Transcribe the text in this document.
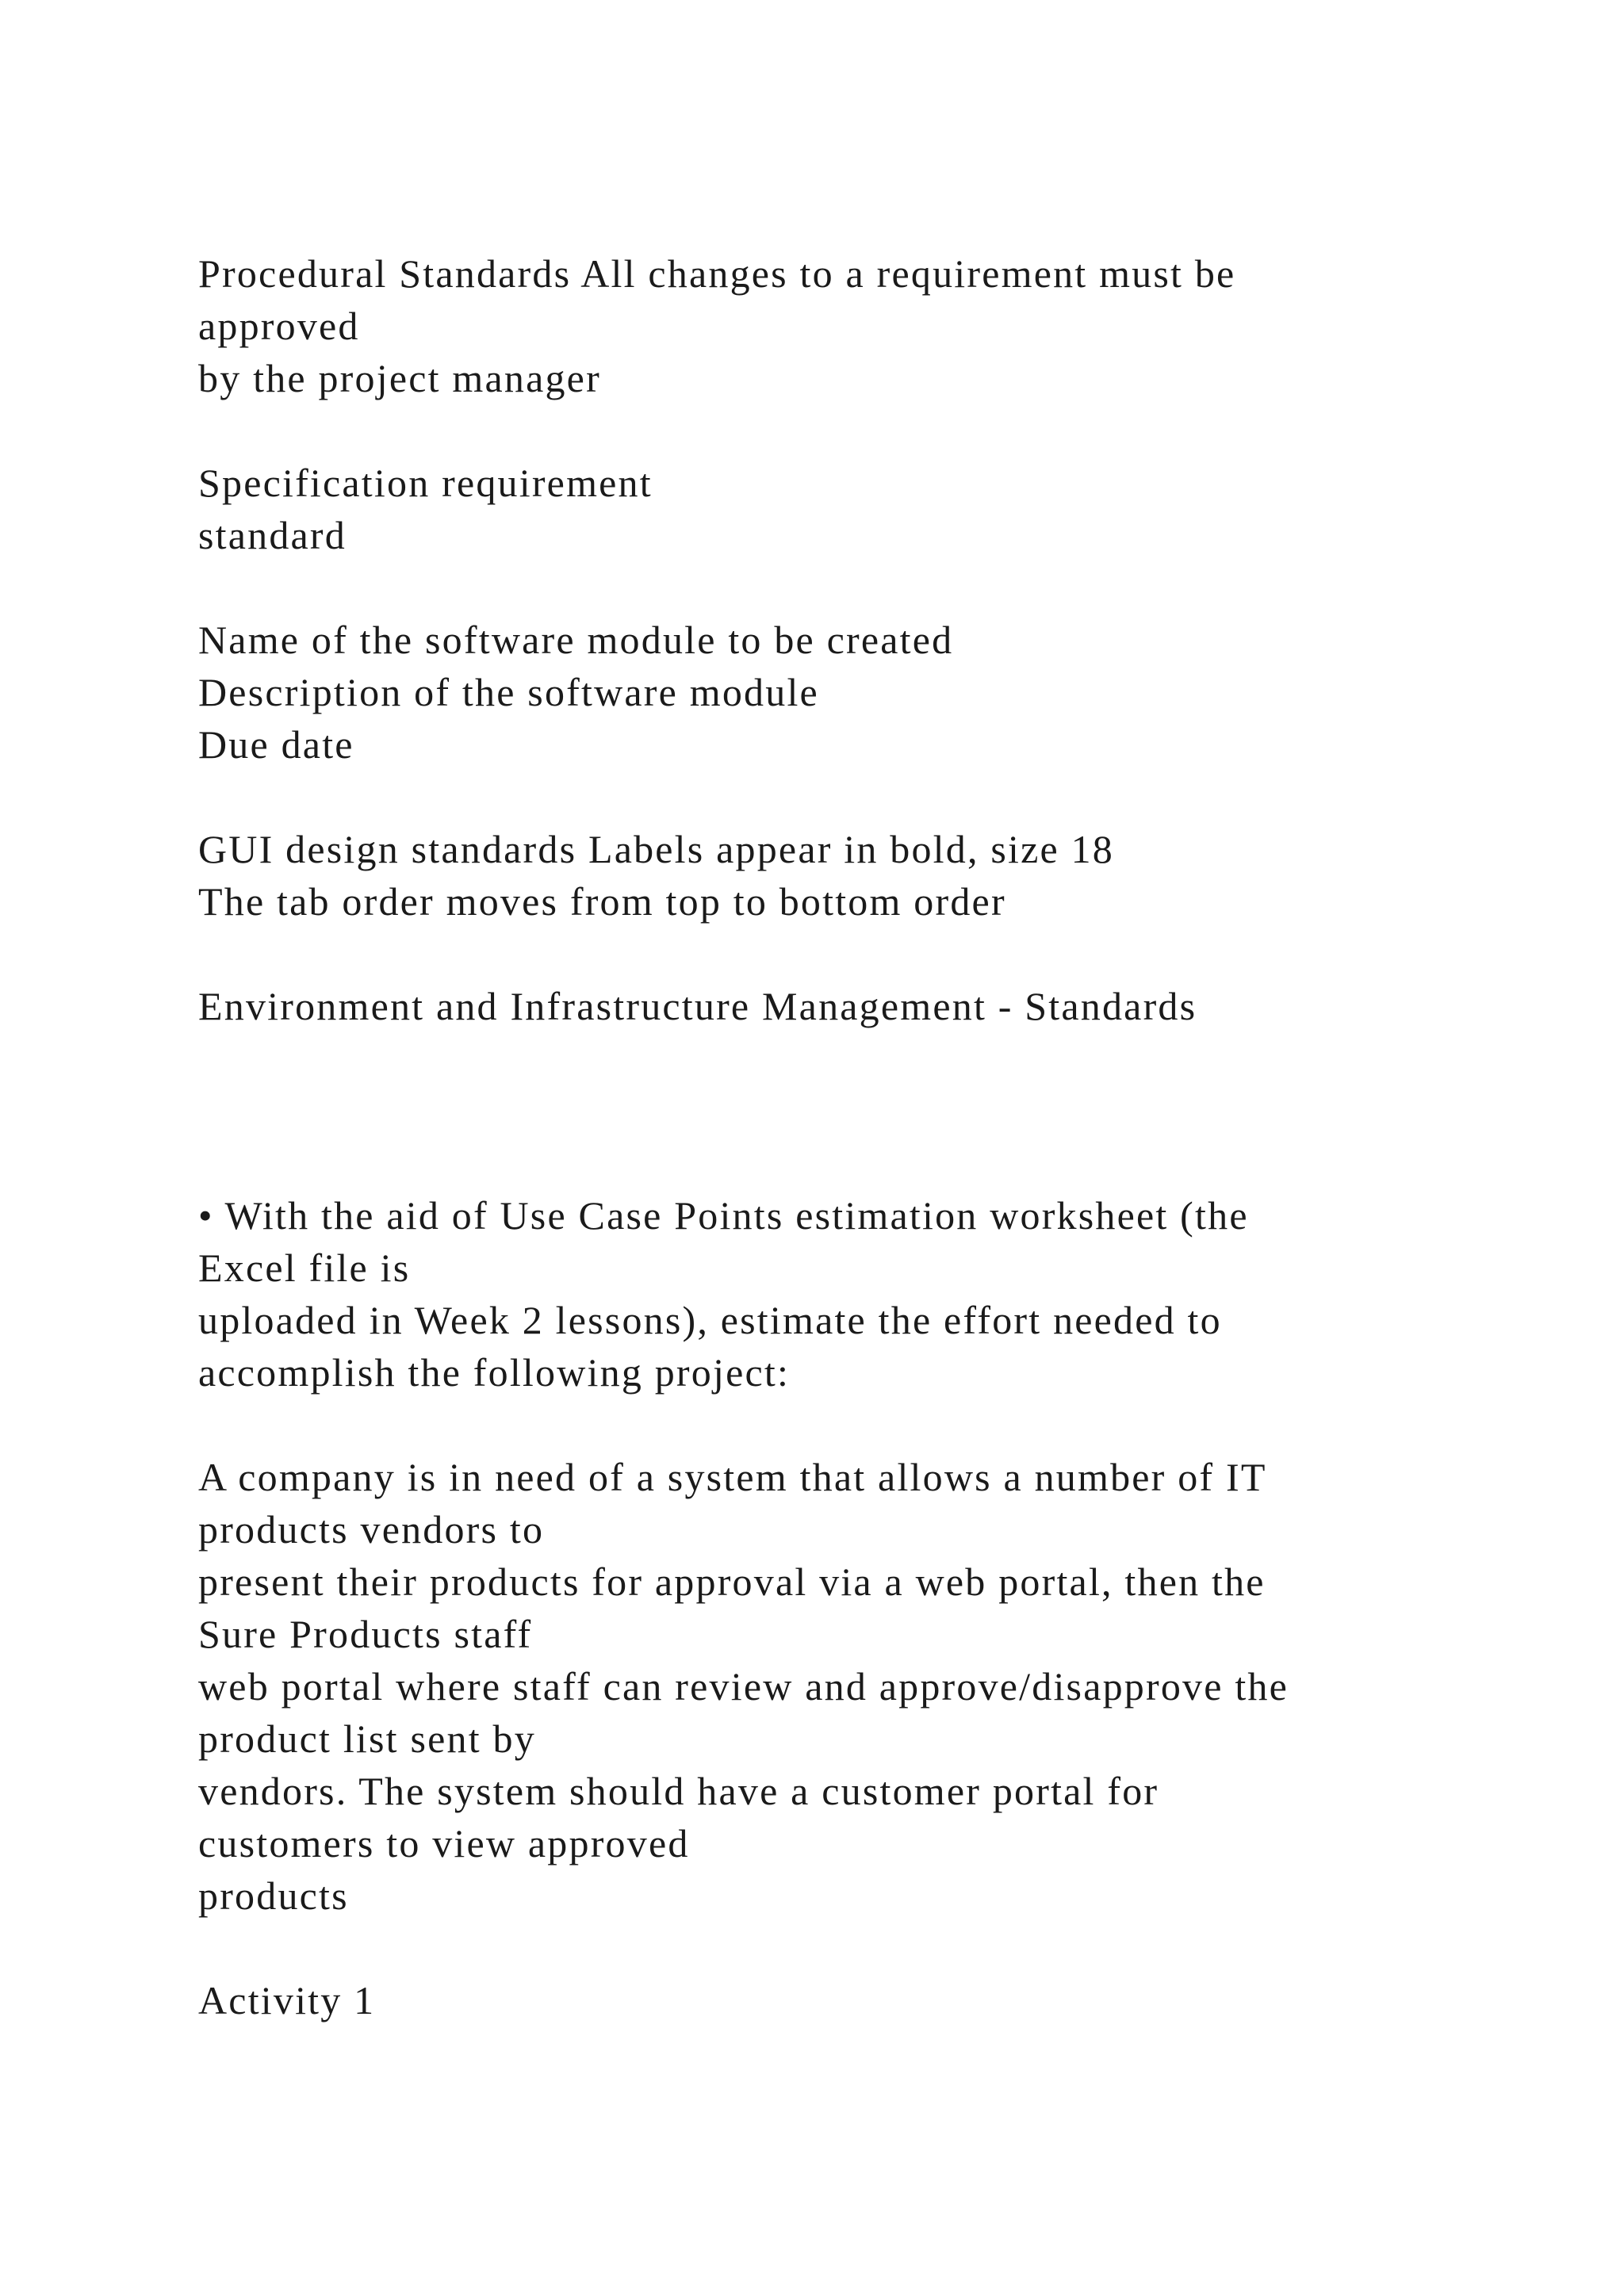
Procedural Standards All changes to a requirement must be
approved
by the project manager
Specification requirement
standard
Name of the software module to be created
Description of the software module
Due date
GUI design standards Labels appear in bold, size 18
The tab order moves from top to bottom order
Environment and Infrastructure Management - Standards
• With the aid of Use Case Points estimation worksheet (the
Excel file is
uploaded in Week 2 lessons), estimate the effort needed to
accomplish the following project:
A company is in need of a system that allows a number of IT
products vendors to
present their products for approval via a web portal, then the
Sure Products staff
web portal where staff can review and approve/disapprove the
product list sent by
vendors. The system should have a customer portal for
customers to view approved
products
Activity 1
